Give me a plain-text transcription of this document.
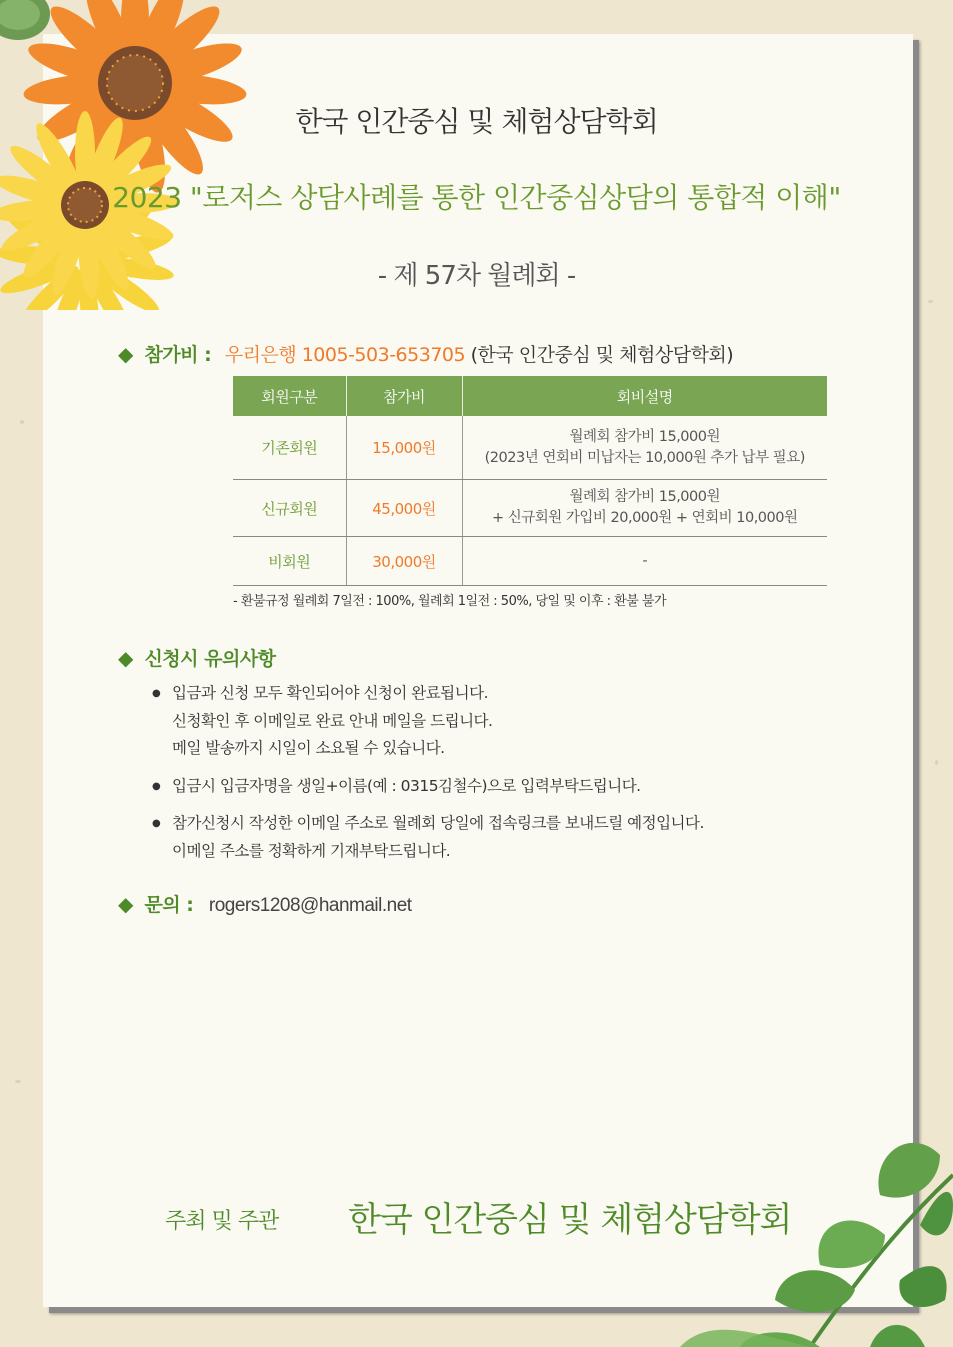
한국 인간중심 및 체험상담학회
2023 "로저스 상담사례를 통한 인간중심상담의 통합적 이해"
- 제 57차 월례회 -
◆ 참가비 : 우리은행 1005-503-653705 (한국 인간중심 및 체험상담학회)
회원구분	참가비	회비설명
기존회원	15,000원	월례회 참가비 15,000원
(2023년 연회비 미납자는 10,000원 추가 납부 필요)

신규회원	45,000원	월례회 참가비 15,000원
+ 신규회원 가입비 20,000원 + 연회비 10,000원

비회원	30,000원	-
- 환불규정 월례회 7일전 : 100%, 월례회 1일전 : 50%, 당일 및 이후 : 환불 불가
◆ 신청시 유의사항
● 입금과 신청 모두 확인되어야 신청이 완료됩니다.
신청확인 후 이메일로 완료 안내 메일을 드립니다.
메일 발송까지 시일이 소요될 수 있습니다.
● 입금시 입금자명을 생일+이름(예 : 0315김철수)으로 입력부탁드립니다.
● 참가신청시 작성한 이메일 주소로 월례회 당일에 접속링크를 보내드릴 예정입니다.
이메일 주소를 정확하게 기재부탁드립니다.
◆ 문의 : rogers1208@hanmail.net
주최 및 주관 한국 인간중심 및 체험상담학회
